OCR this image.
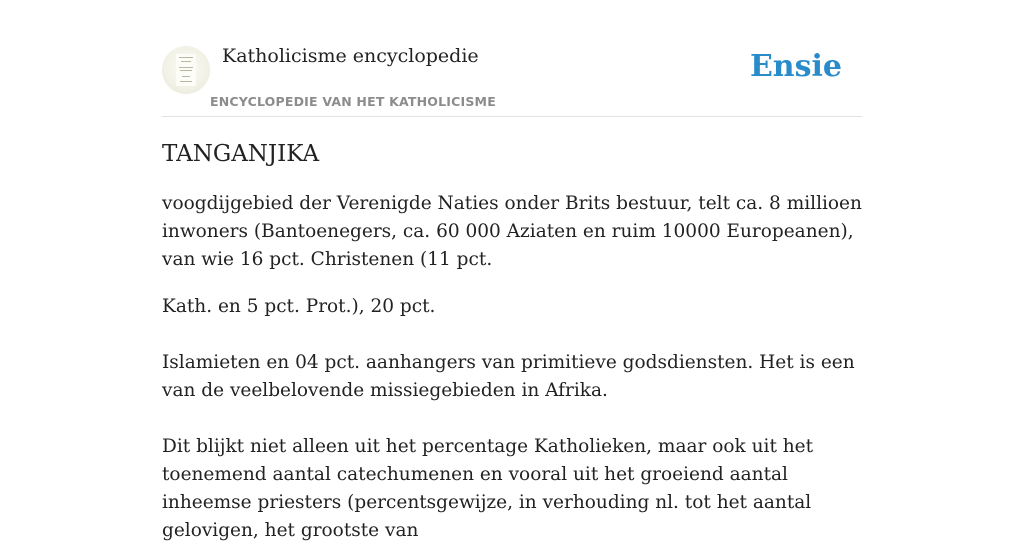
Katholicisme encyclopedie
ENCYCLOPEDIE VAN HET KATHOLICISME
Ensie
TANGANJIKA

voogdijgebied der Verenigde Naties onder Brits bestuur, telt ca. 8 millioen inwoners (Bantoenegers, ca. 60 000 Aziaten en ruim 10000 Europeanen), van wie 16 pct. Christenen (11 pct.

Kath. en 5 pct. Prot.), 20 pct.

Islamieten en 04 pct. aanhangers van primitieve godsdiensten. Het is een van de veelbelovende missiegebieden in Afrika.

Dit blijkt niet alleen uit het percentage Katholieken, maar ook uit het toenemend aantal catechumenen en vooral uit het groeiend aantal inheemse priesters (percentsgewijze, in verhouding nl. tot het aantal gelovigen, het grootste van
